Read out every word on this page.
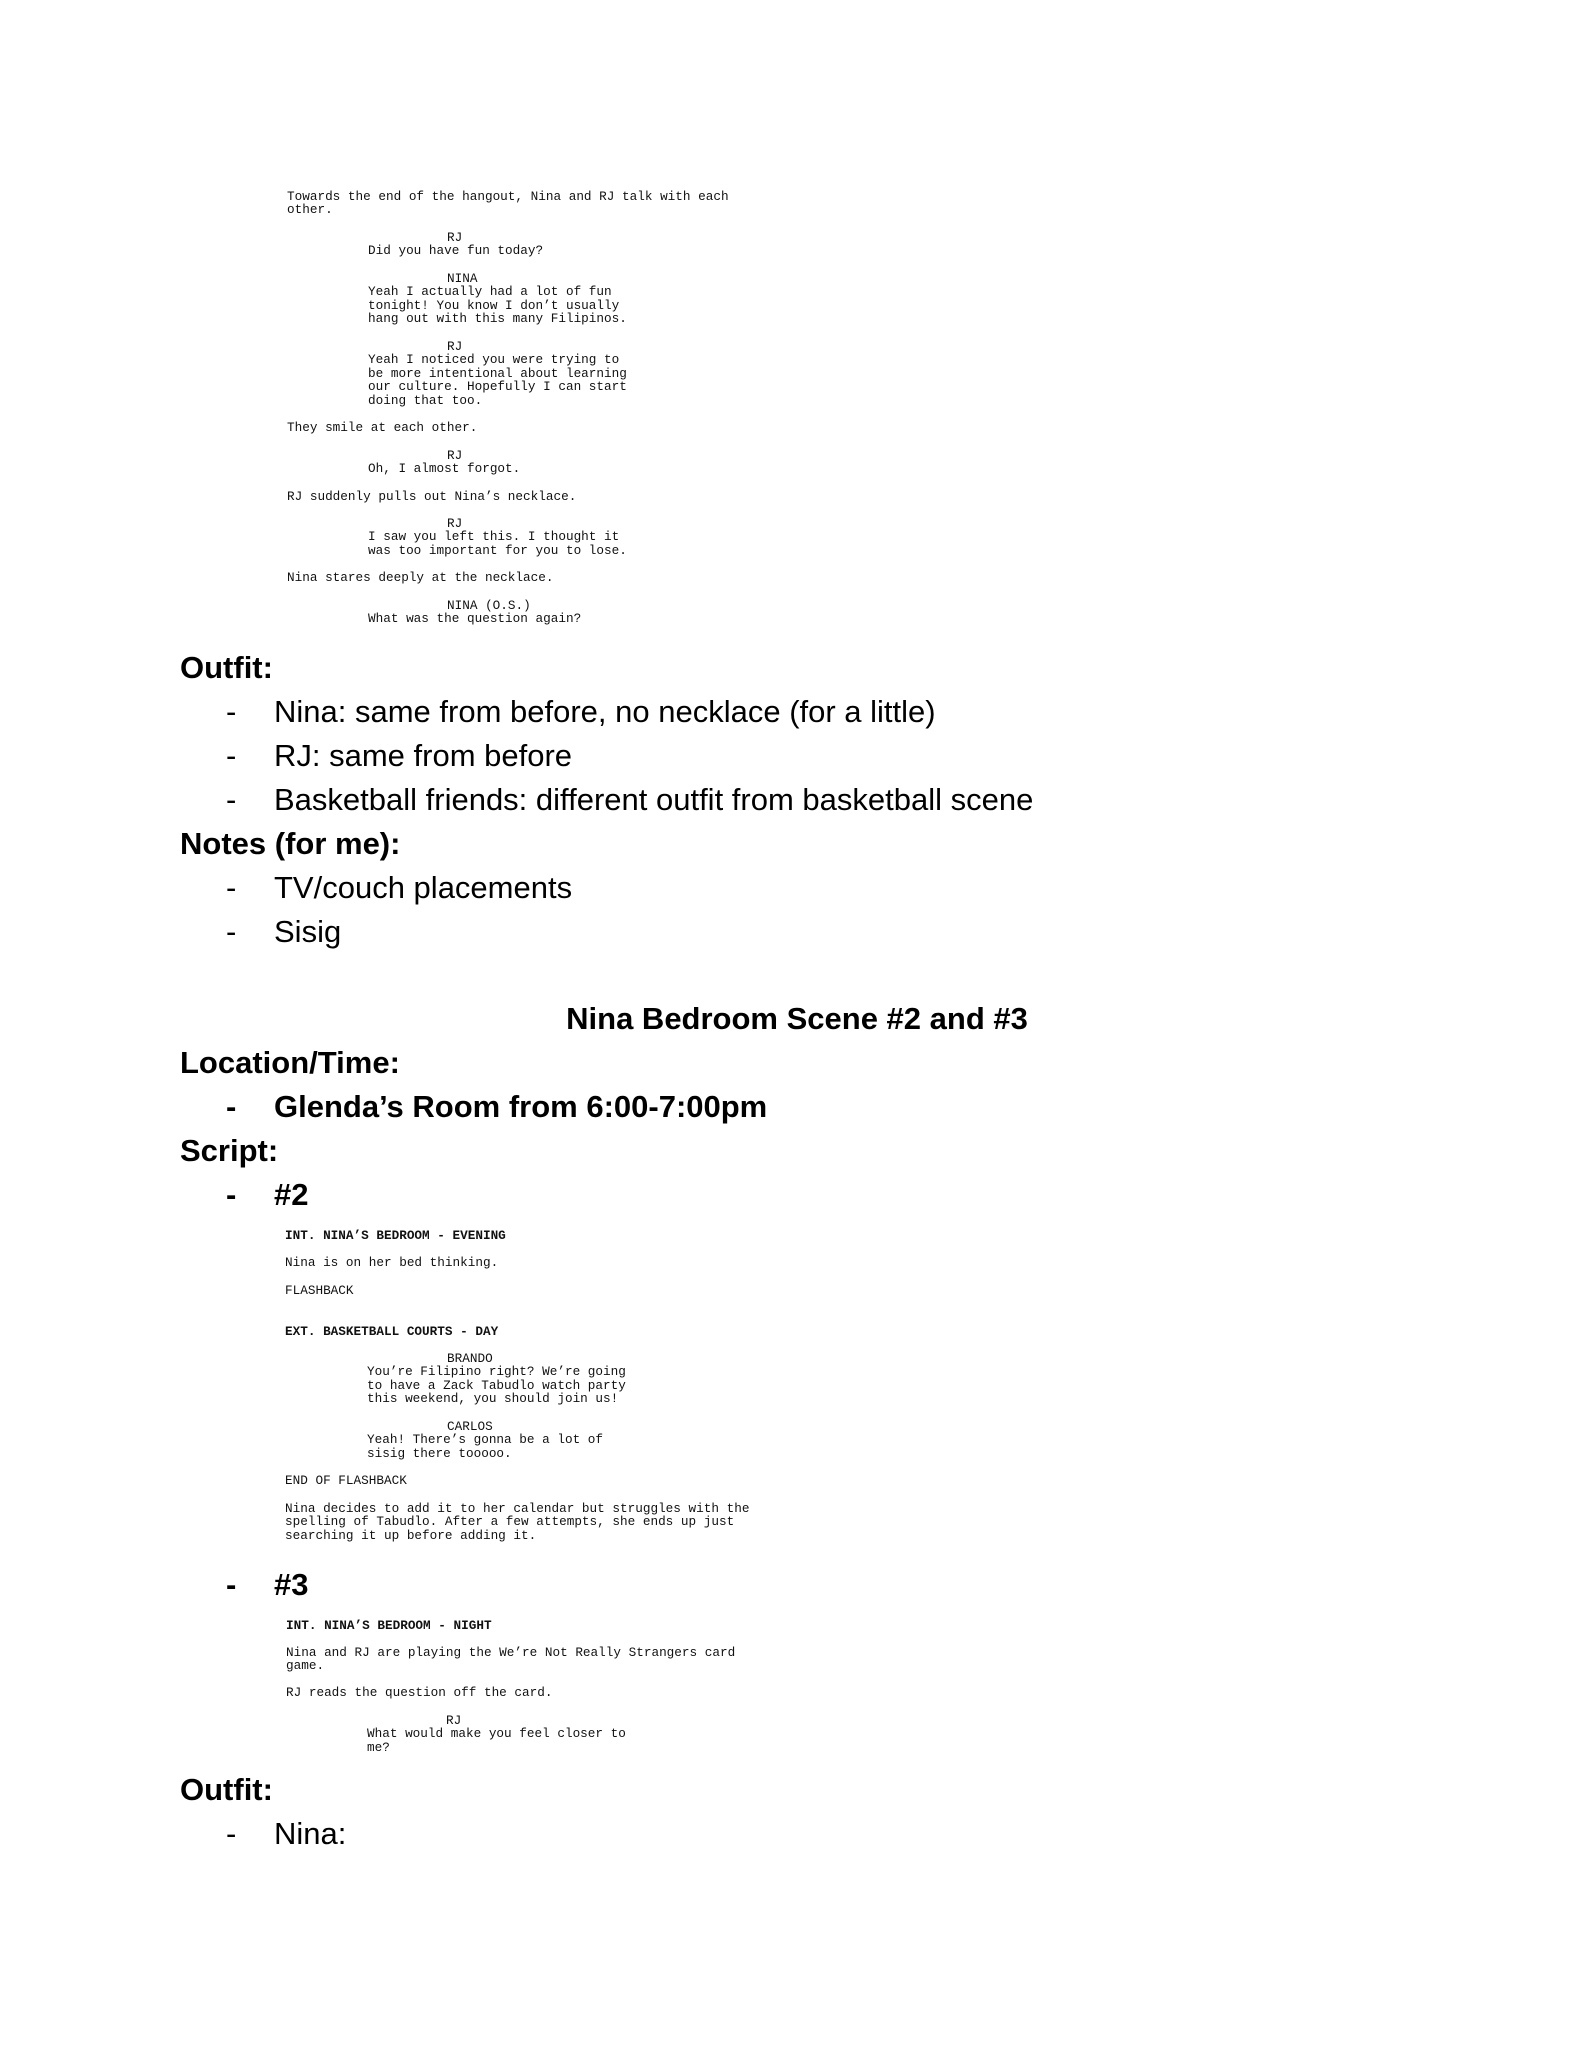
Towards the end of the hangout, Nina and RJ talk with each
other.
RJ
Did you have fun today?
NINA
Yeah I actually had a lot of fun
tonight! You know I don’t usually
hang out with this many Filipinos.
RJ
Yeah I noticed you were trying to
be more intentional about learning
our culture. Hopefully I can start
doing that too.
They smile at each other.
RJ
Oh, I almost forgot.
RJ suddenly pulls out Nina’s necklace.
RJ
I saw you left this. I thought it
was too important for you to lose.
Nina stares deeply at the necklace.
NINA (O.S.)
What was the question again?
Outfit:
- Nina: same from before, no necklace (for a little)
- RJ: same from before
- Basketball friends: different outfit from basketball scene
Notes (for me):
- TV/couch placements
- Sisig
Nina Bedroom Scene #2 and #3
Location/Time:
- Glenda’s Room from 6:00-7:00pm
Script:
- #2
INT. NINA’S BEDROOM - EVENING
Nina is on her bed thinking.
FLASHBACK
EXT. BASKETBALL COURTS - DAY
BRANDO
You’re Filipino right? We’re going
to have a Zack Tabudlo watch party
this weekend, you should join us!
CARLOS
Yeah! There’s gonna be a lot of
sisig there tooooo.
END OF FLASHBACK
Nina decides to add it to her calendar but struggles with the
spelling of Tabudlo. After a few attempts, she ends up just
searching it up before adding it.
- #3
INT. NINA’S BEDROOM - NIGHT
Nina and RJ are playing the We’re Not Really Strangers card
game.
RJ reads the question off the card.
RJ
What would make you feel closer to
me?
Outfit:
- Nina:
